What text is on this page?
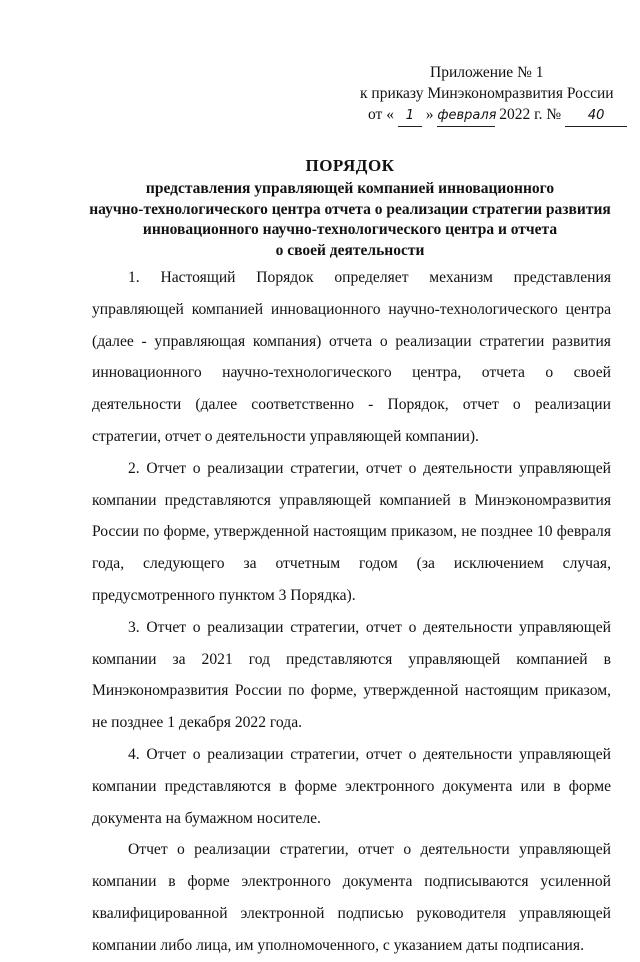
Приложение № 1
к приказу Минэкономразвития России
от « 1 » февраля 2022 г. № 40
ПОРЯДОК
представления управляющей компанией инновационного
научно-технологического центра отчета о реализации стратегии развития
инновационного научно-технологического центра и отчета
о своей деятельности

1. Настоящий Порядок определяет механизм представления управляющей компанией инновационного научно-технологического центра (далее - управляющая компания) отчета о реализации стратегии развития инновационного научно-технологического центра, отчета о своей деятельности (далее соответственно - Порядок, отчет о реализации стратегии, отчет о деятельности управляющей компании).

2. Отчет о реализации стратегии, отчет о деятельности управляющей компании представляются управляющей компанией в Минэкономразвития России по форме, утвержденной настоящим приказом, не позднее 10 февраля года, следующего за отчетным годом (за исключением случая, предусмотренного пунктом 3 Порядка).

3. Отчет о реализации стратегии, отчет о деятельности управляющей компании за 2021 год представляются управляющей компанией в Минэкономразвития России по форме, утвержденной настоящим приказом, не позднее 1 декабря 2022 года.

4. Отчет о реализации стратегии, отчет о деятельности управляющей компании представляются в форме электронного документа или в форме документа на бумажном носителе.

Отчет о реализации стратегии, отчет о деятельности управляющей компании в форме электронного документа подписываются усиленной квалифицированной электронной подписью руководителя управляющей компании либо лица, им уполномоченного, с указанием даты подписания.
